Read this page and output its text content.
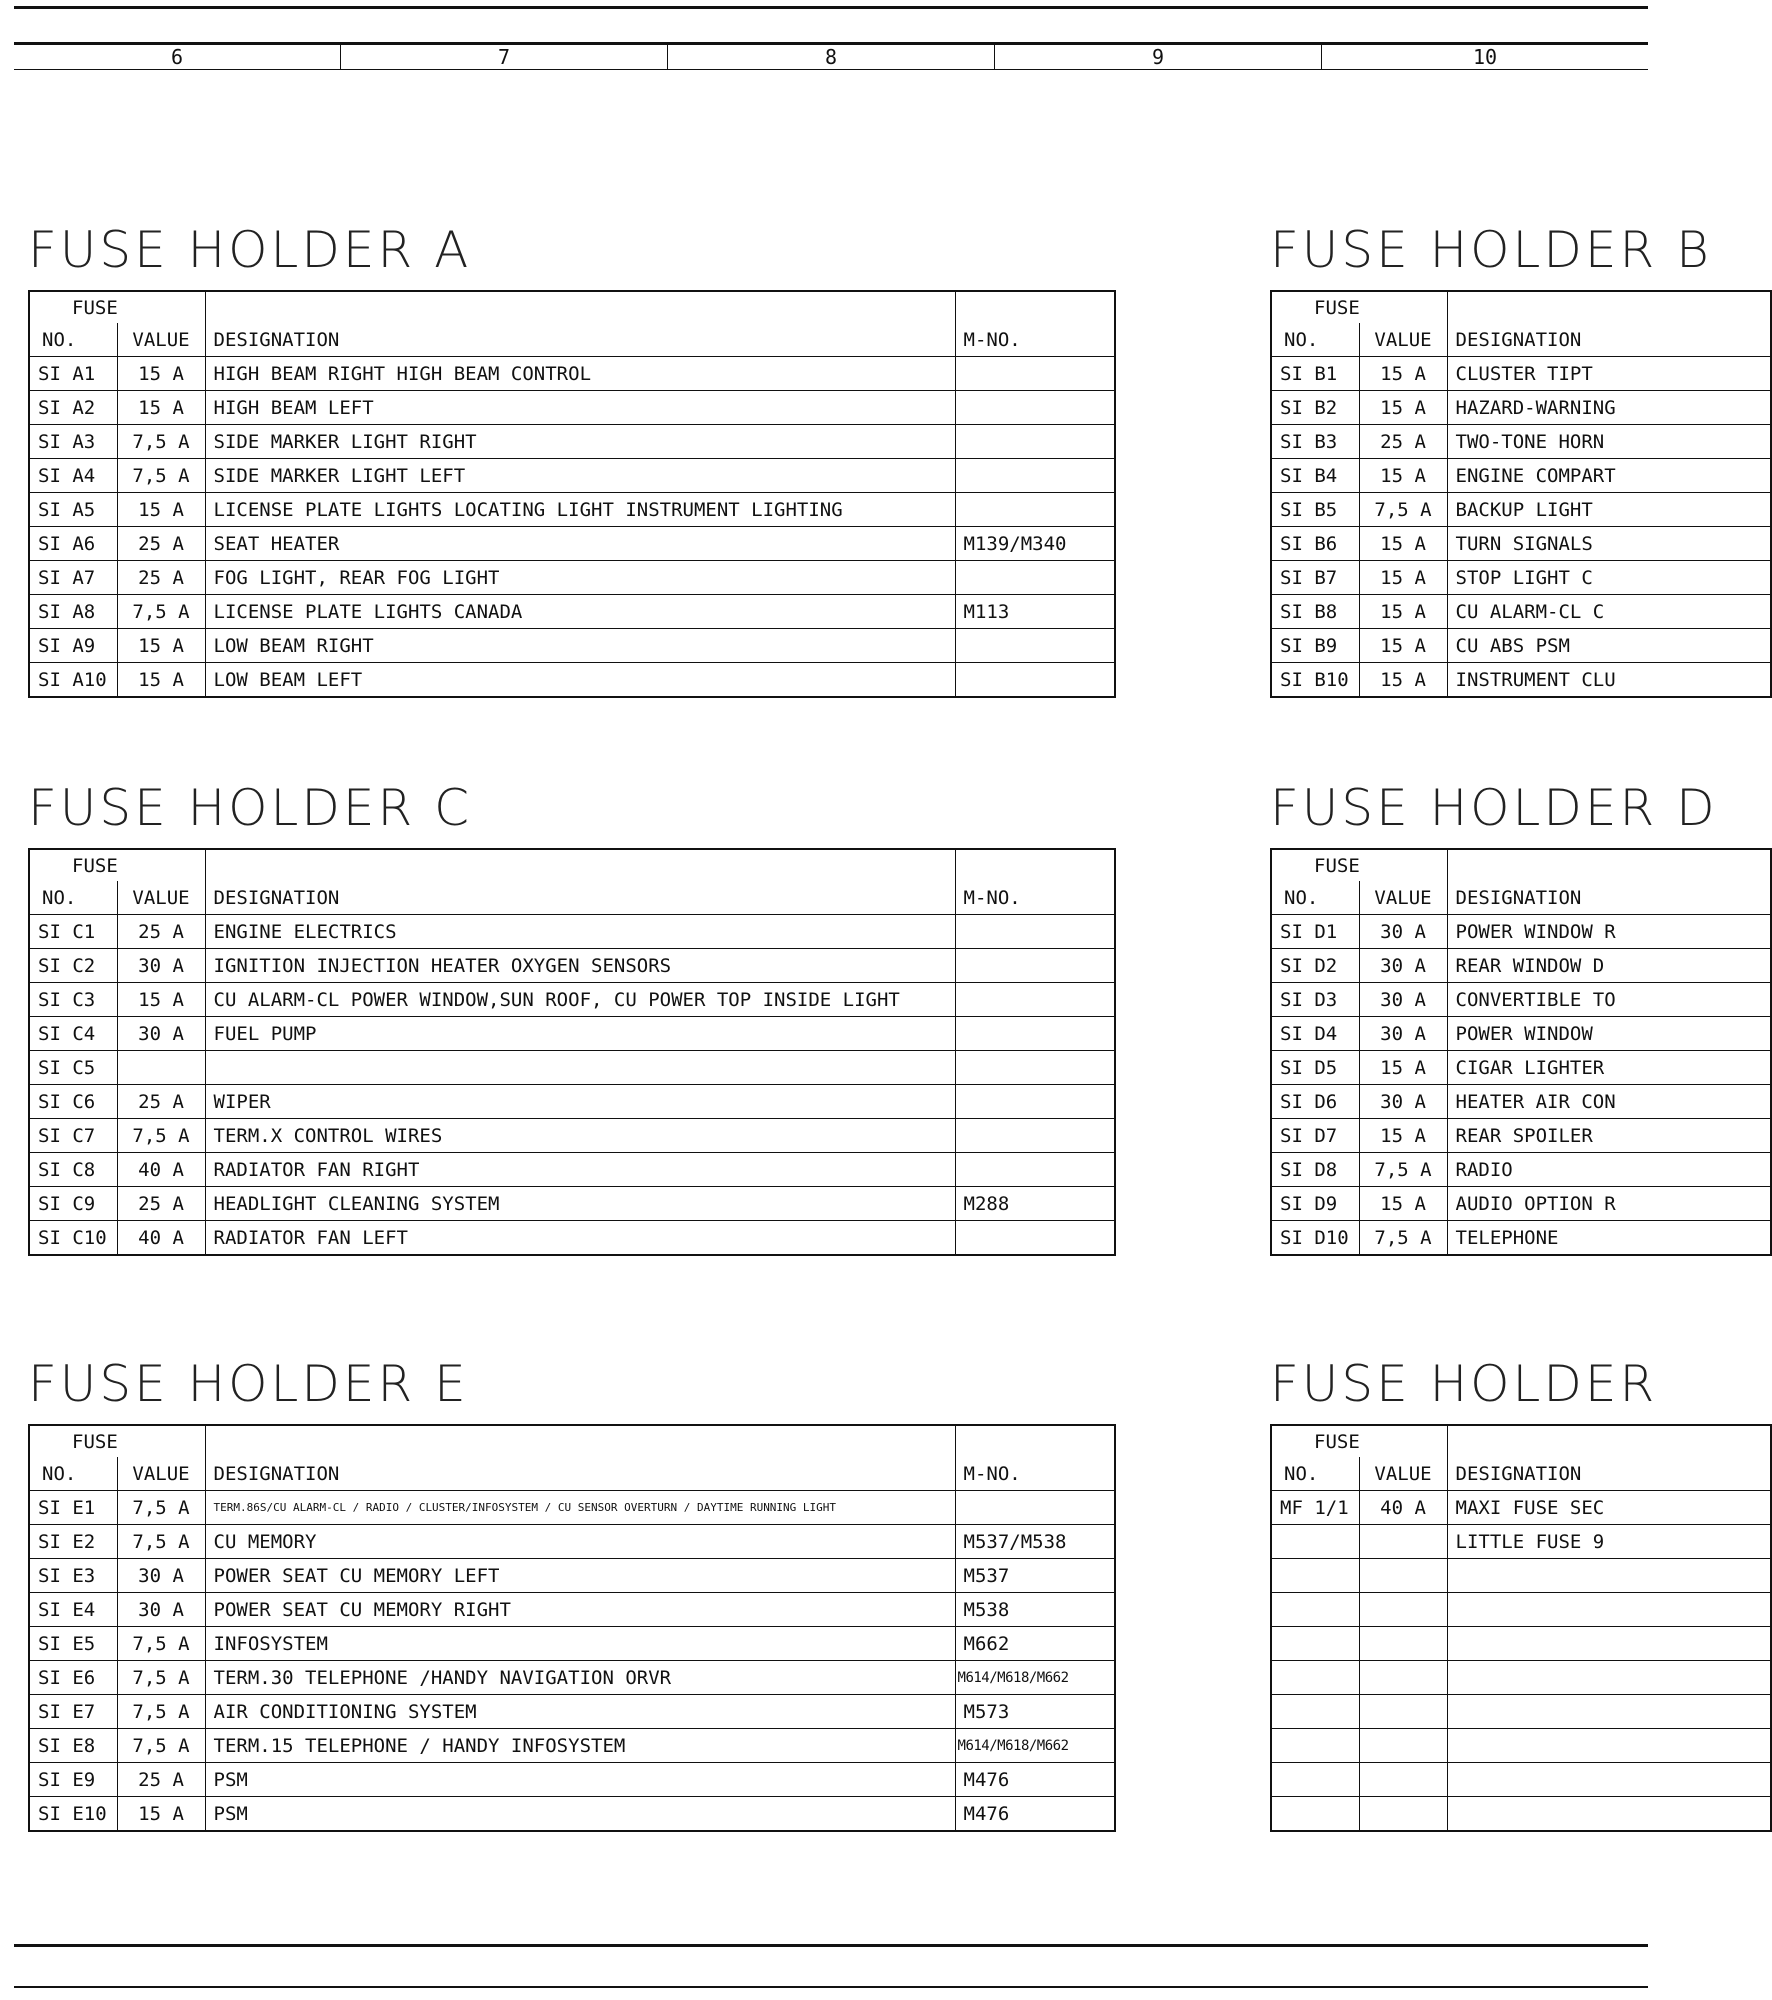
6	7	8	9	10
FUSE HOLDER A
FUSE			
NO.	VALUE	DESIGNATION	M-NO.
SI A1	15 A	HIGH BEAM RIGHT HIGH BEAM CONTROL	
SI A2	15 A	HIGH BEAM LEFT	
SI A3	7,5 A	SIDE MARKER LIGHT RIGHT	
SI A4	7,5 A	SIDE MARKER LIGHT LEFT	
SI A5	15 A	LICENSE PLATE LIGHTS LOCATING LIGHT INSTRUMENT LIGHTING	
SI A6	25 A	SEAT HEATER	M139/M340
SI A7	25 A	FOG LIGHT, REAR FOG LIGHT	
SI A8	7,5 A	LICENSE PLATE LIGHTS CANADA	M113
SI A9	15 A	LOW BEAM RIGHT	
SI A10	15 A	LOW BEAM LEFT	
FUSE HOLDER C
FUSE			
NO.	VALUE	DESIGNATION	M-NO.
SI C1	25 A	ENGINE ELECTRICS	
SI C2	30 A	IGNITION INJECTION HEATER OXYGEN SENSORS	
SI C3	15 A	CU ALARM-CL POWER WINDOW,SUN ROOF, CU POWER TOP INSIDE LIGHT	
SI C4	30 A	FUEL PUMP	
SI C5			
SI C6	25 A	WIPER	
SI C7	7,5 A	TERM.X CONTROL WIRES	
SI C8	40 A	RADIATOR FAN RIGHT	
SI C9	25 A	HEADLIGHT CLEANING SYSTEM	M288
SI C10	40 A	RADIATOR FAN LEFT	
FUSE HOLDER E
FUSE			
NO.	VALUE	DESIGNATION	M-NO.
SI E1	7,5 A	TERM.86S/CU ALARM-CL / RADIO / CLUSTER/INFOSYSTEM / CU SENSOR OVERTURN / DAYTIME RUNNING LIGHT	
SI E2	7,5 A	CU MEMORY	M537/M538
SI E3	30 A	POWER SEAT CU MEMORY LEFT	M537
SI E4	30 A	POWER SEAT CU MEMORY RIGHT	M538
SI E5	7,5 A	INFOSYSTEM	M662
SI E6	7,5 A	TERM.30 TELEPHONE /HANDY NAVIGATION ORVR	M614/M618/M662
SI E7	7,5 A	AIR CONDITIONING SYSTEM	M573
SI E8	7,5 A	TERM.15 TELEPHONE / HANDY INFOSYSTEM	M614/M618/M662
SI E9	25 A	PSM	M476
SI E10	15 A	PSM	M476
FUSE HOLDER B
FUSE		
NO.	VALUE	DESIGNATION
SI B1	15 A	CLUSTER TIPT
SI B2	15 A	HAZARD-WARNING
SI B3	25 A	TWO-TONE HORN
SI B4	15 A	ENGINE COMPART
SI B5	7,5 A	BACKUP LIGHT
SI B6	15 A	TURN SIGNALS
SI B7	15 A	STOP LIGHT C
SI B8	15 A	CU ALARM-CL C
SI B9	15 A	CU ABS PSM
SI B10	15 A	INSTRUMENT CLU
FUSE HOLDER D
FUSE		
NO.	VALUE	DESIGNATION
SI D1	30 A	POWER WINDOW R
SI D2	30 A	REAR WINDOW D
SI D3	30 A	CONVERTIBLE TO
SI D4	30 A	POWER WINDOW
SI D5	15 A	CIGAR LIGHTER
SI D6	30 A	HEATER AIR CON
SI D7	15 A	REAR SPOILER
SI D8	7,5 A	RADIO
SI D9	15 A	AUDIO OPTION R
SI D10	7,5 A	TELEPHONE
FUSE HOLDER
FUSE		
NO.	VALUE	DESIGNATION
MF 1/1	40 A	MAXI FUSE SEC
		LITTLE FUSE 9
